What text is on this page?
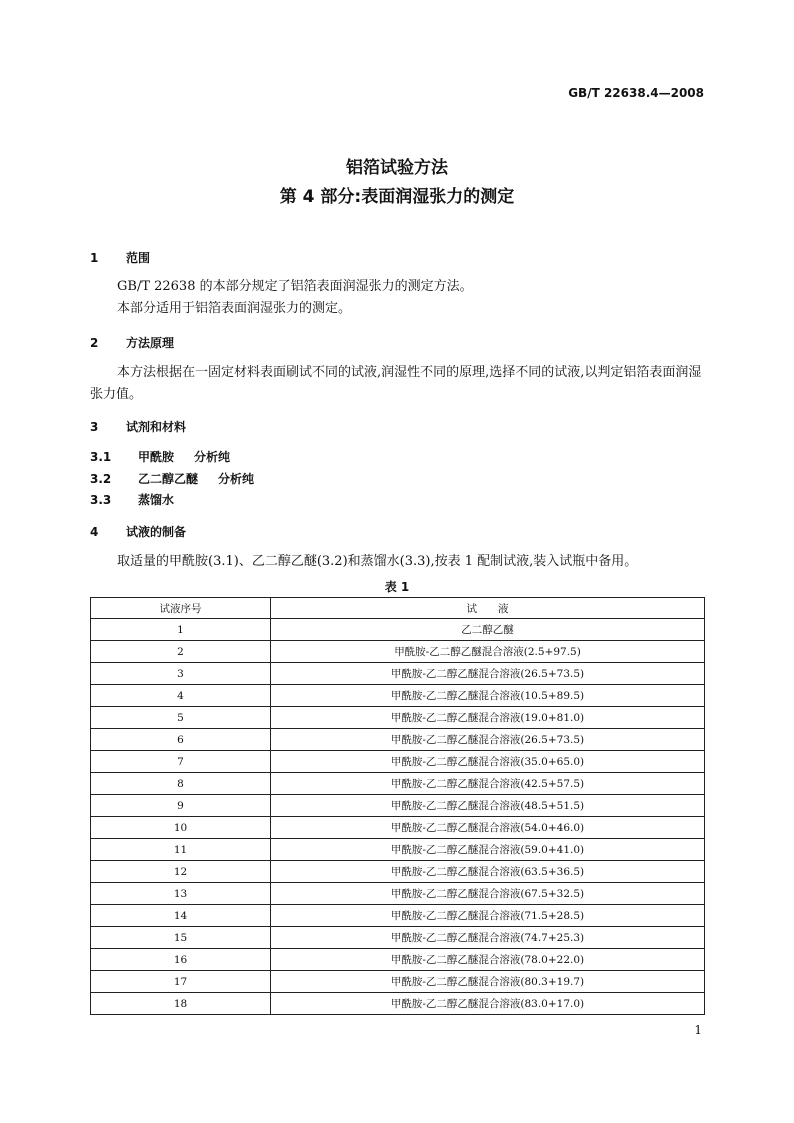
GB/T 22638.4—2008
铝箔试验方法
第 4 部分:表面润湿张力的测定
1 范围
GB/T 22638 的本部分规定了铝箔表面润湿张力的测定方法。
本部分适用于铝箔表面润湿张力的测定。
2 方法原理
本方法根据在一固定材料表面刷试不同的试液,润湿性不同的原理,选择不同的试液,以判定铝箔表面润湿张力值。
3 试剂和材料
3.1 甲酰胺 分析纯
3.2 乙二醇乙醚 分析纯
3.3 蒸馏水
4 试液的制备
取适量的甲酰胺(3.1)、乙二醇乙醚(3.2)和蒸馏水(3.3),按表 1 配制试液,装入试瓶中备用。
表 1
试液序号	试　　液
1	乙二醇乙醚
2	甲酰胺-乙二醇乙醚混合溶液(2.5+97.5)
3	甲酰胺-乙二醇乙醚混合溶液(26.5+73.5)
4	甲酰胺-乙二醇乙醚混合溶液(10.5+89.5)
5	甲酰胺-乙二醇乙醚混合溶液(19.0+81.0)
6	甲酰胺-乙二醇乙醚混合溶液(26.5+73.5)
7	甲酰胺-乙二醇乙醚混合溶液(35.0+65.0)
8	甲酰胺-乙二醇乙醚混合溶液(42.5+57.5)
9	甲酰胺-乙二醇乙醚混合溶液(48.5+51.5)
10	甲酰胺-乙二醇乙醚混合溶液(54.0+46.0)
11	甲酰胺-乙二醇乙醚混合溶液(59.0+41.0)
12	甲酰胺-乙二醇乙醚混合溶液(63.5+36.5)
13	甲酰胺-乙二醇乙醚混合溶液(67.5+32.5)
14	甲酰胺-乙二醇乙醚混合溶液(71.5+28.5)
15	甲酰胺-乙二醇乙醚混合溶液(74.7+25.3)
16	甲酰胺-乙二醇乙醚混合溶液(78.0+22.0)
17	甲酰胺-乙二醇乙醚混合溶液(80.3+19.7)
18	甲酰胺-乙二醇乙醚混合溶液(83.0+17.0)
1
